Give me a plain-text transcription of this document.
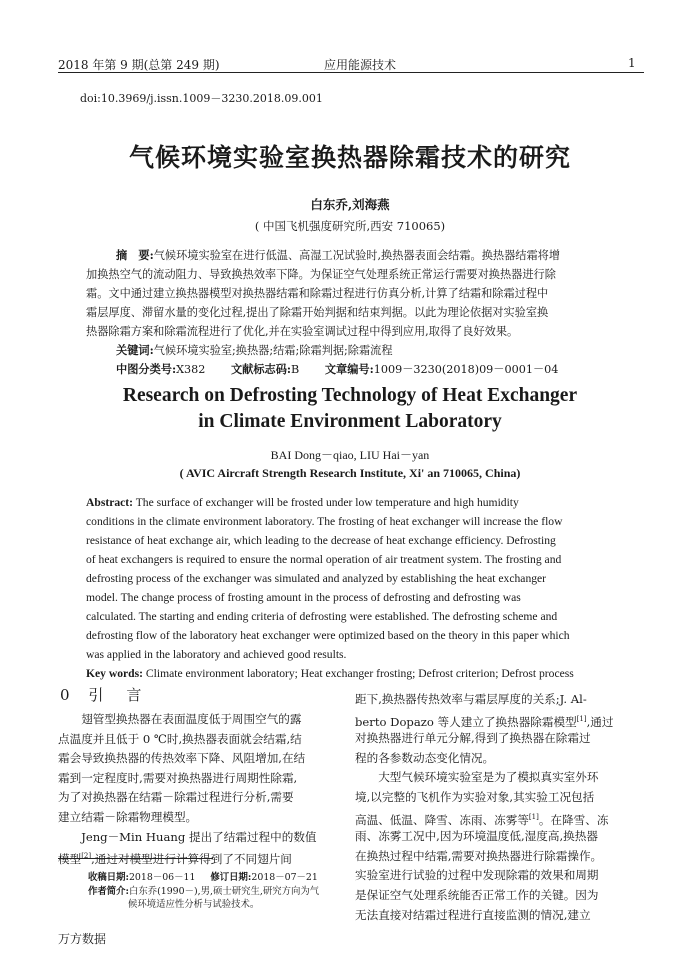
2018 年第 9 期(总第 249 期)	应用能源技术	1
doi:10.3969/j.issn.1009－3230.2018.09.001
气候环境实验室换热器除霜技术的研究
白东乔,刘海燕
( 中国飞机强度研究所,西安 710065)
摘　要:气候环境实验室在进行低温、高湿工况试验时,换热器表面会结霜。换热器结霜将增
加换热空气的流动阻力、导致换热效率下降。为保证空气处理系统正常运行需要对换热器进行除
霜。文中通过建立换热器模型对换热器结霜和除霜过程进行仿真分析,计算了结霜和除霜过程中
霜层厚度、滞留水量的变化过程,提出了除霜开始判据和结束判据。以此为理论依据对实验室换
热器除霜方案和除霜流程进行了优化,并在实验室调试过程中得到应用,取得了良好效果。
关键词:气候环境实验室;换热器;结霜;除霜判据;除霜流程
中图分类号:X382 文献标志码:B 文章编号:1009－3230(2018)09－0001－04
Research on Defrosting Technology of Heat Exchanger
in Climate Environment Laboratory
BAI Dong－qiao, LIU Hai－yan
( AVIC Aircraft Strength Research Institute, Xi' an 710065, China)
Abstract: The surface of exchanger will be frosted under low temperature and high humidity
conditions in the climate environment laboratory. The frosting of heat exchanger will increase the flow
resistance of heat exchange air, which leading to the decrease of heat exchange efficiency. Defrosting
of heat exchangers is required to ensure the normal operation of air treatment system. The frosting and
defrosting process of the exchanger was simulated and analyzed by establishing the heat exchanger
model. The change process of frosting amount in the process of defrosting and defrosting was
calculated. The starting and ending criteria of defrosting were established. The defrosting scheme and
defrosting flow of the laboratory heat exchanger were optimized based on the theory in this paper which
was applied in the laboratory and achieved good results.
Key words: Climate environment laboratory; Heat exchanger frosting; Defrost criterion; Defrost process
0 引　言
　　翅管型换热器在表面温度低于周围空气的露
点温度并且低于 0 ℃时,换热器表面就会结霜,结
霜会导致换热器的传热效率下降、风阻增加,在结
霜到一定程度时,需要对换热器进行周期性除霜,
为了对换热器在结霜－除霜过程进行分析,需要
建立结霜－除霜物理模型。
　　Jeng－Min Huang 提出了结霜过程中的数值
模型[2],通过对模型进行计算得到了不同翅片间
距下,换热器传热效率与霜层厚度的关系;J. Al-
berto Dopazo 等人建立了换热器除霜模型[1],通过
对换热器进行单元分解,得到了换热器在除霜过
程的各参数动态变化情况。
　　大型气候环境实验室是为了模拟真实室外环
境,以完整的飞机作为实验对象,其实验工况包括
高温、低温、降雪、冻雨、冻雾等[1]。在降雪、冻
雨、冻雾工况中,因为环境温度低,湿度高,换热器
在换热过程中结霜,需要对换热器进行除霜操作。
实验室进行试验的过程中发现除霜的效果和周期
是保证空气处理系统能否正常工作的关键。因为
无法直接对结霜过程进行直接监测的情况,建立
收稿日期:2018－06－11 修订日期:2018－07－21
作者简介:白东乔(1990－),男,硕士研究生,研究方向为气
候环境适应性分析与试验技术。
万方数据
